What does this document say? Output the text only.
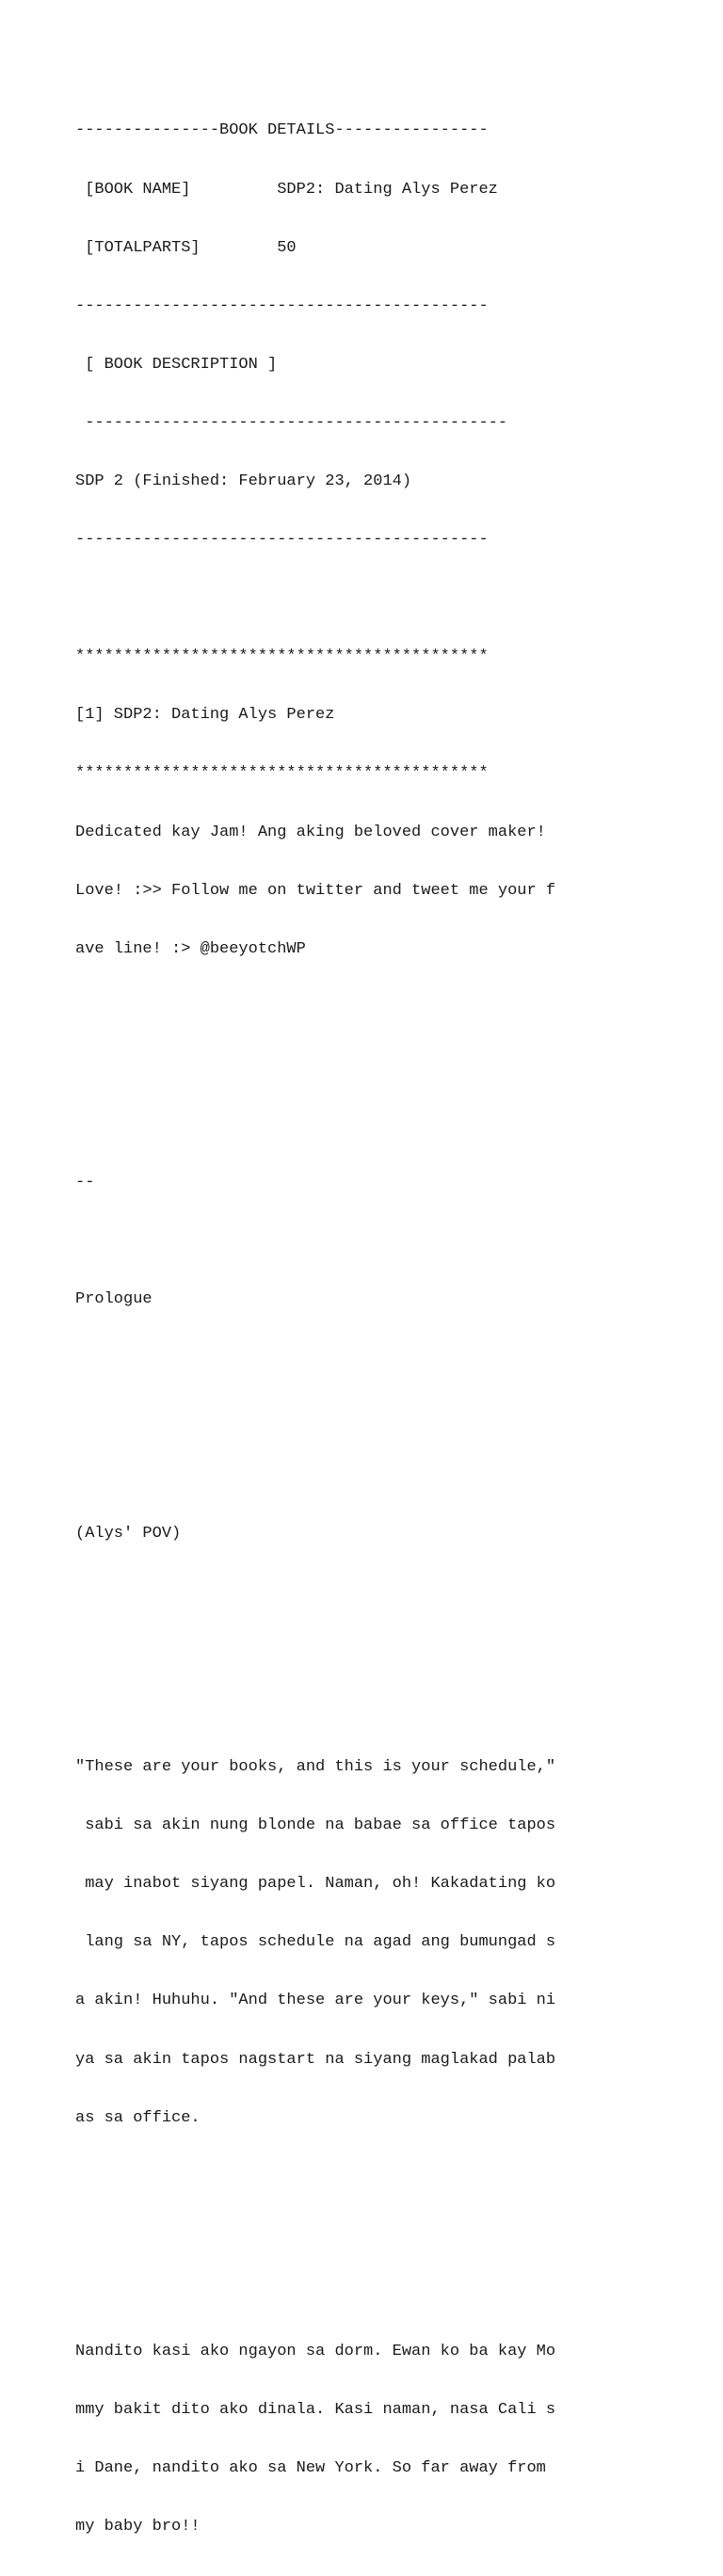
---------------BOOK DETAILS----------------

[BOOK NAME]         SDP2: Dating Alys Perez

[TOTALPARTS]        50

-------------------------------------------

[ BOOK DESCRIPTION ]

--------------------------------------------

SDP 2 (Finished: February 23, 2014)

-------------------------------------------

*******************************************

[1] SDP2: Dating Alys Perez

*******************************************

Dedicated kay Jam! Ang aking beloved cover maker!

Love! :>> Follow me on twitter and tweet me your f

ave line! :> @beeyotchWP

--

Prologue

(Alys' POV)

"These are your books, and this is your schedule,"

sabi sa akin nung blonde na babae sa office tapos

may inabot siyang papel. Naman, oh! Kakadating ko

lang sa NY, tapos schedule na agad ang bumungad s

a akin! Huhuhu. "And these are your keys," sabi ni

ya sa akin tapos nagstart na siyang maglakad palab

as sa office.

Nandito kasi ako ngayon sa dorm. Ewan ko ba kay Mo

mmy bakit dito ako dinala. Kasi naman, nasa Cali s

i Dane, nandito ako sa New York. So far away from

my baby bro!!
